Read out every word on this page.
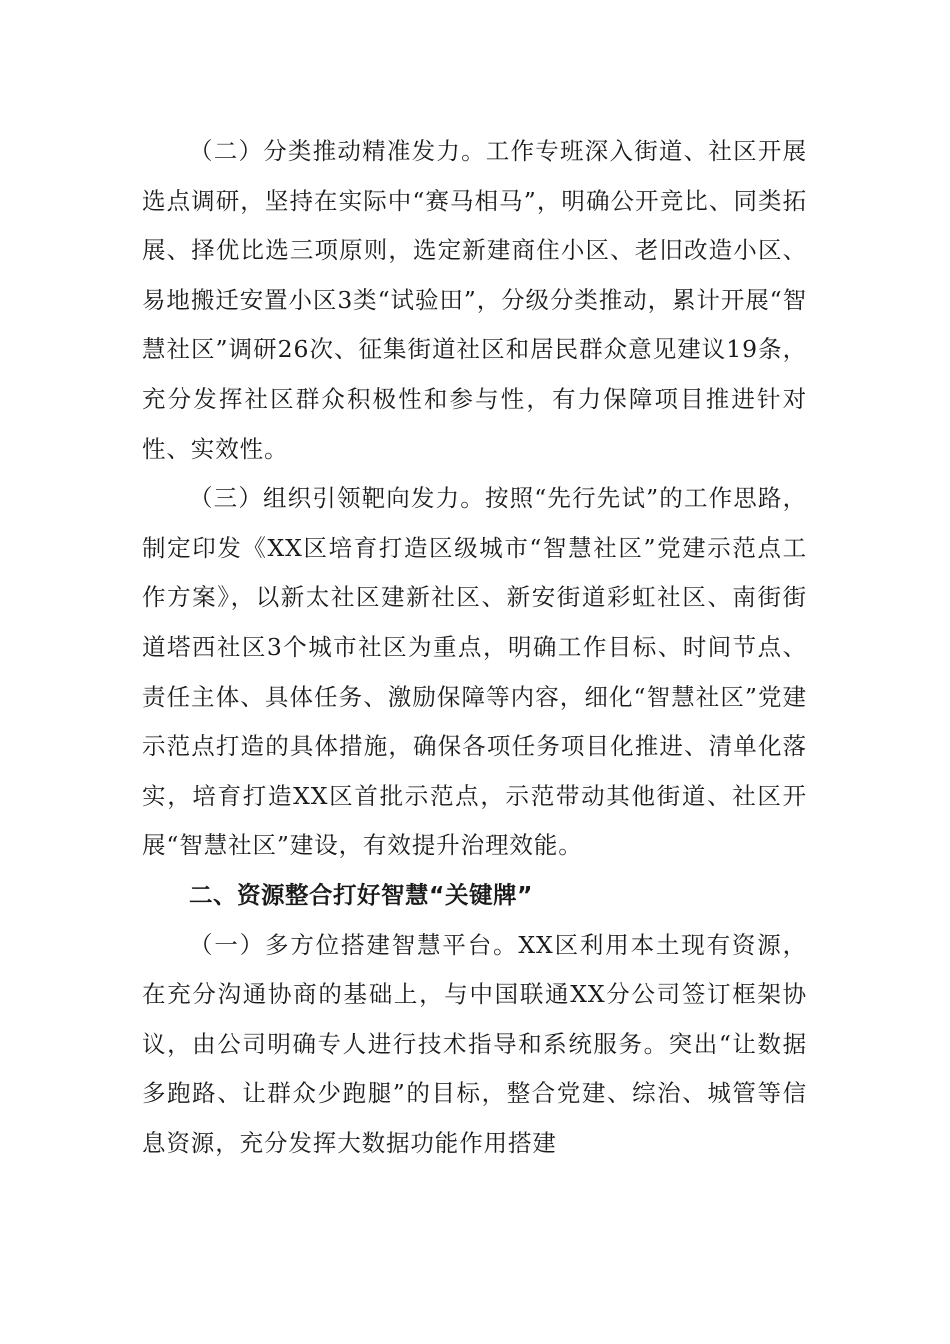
（二）分类推动精准发力。工作专班深入街道、社区开展选点调研，坚持在实际中“赛马相马”，明确公开竞比、同类拓展、择优比选三项原则，选定新建商住小区、老旧改造小区、易地搬迁安置小区3类“试验田”，分级分类推动，累计开展“智慧社区”调研26次、征集街道社区和居民群众意见建议19条，充分发挥社区群众积极性和参与性，有力保障项目推进针对性、实效性。

（三）组织引领靶向发力。按照“先行先试”的工作思路，制定印发《XX区培育打造区级城市“智慧社区”党建示范点工作方案》，以新太社区建新社区、新安街道彩虹社区、南街街道塔西社区3个城市社区为重点，明确工作目标、时间节点、责任主体、具体任务、激励保障等内容，细化“智慧社区”党建示范点打造的具体措施，确保各项任务项目化推进、清单化落实，培育打造XX区首批示范点，示范带动其他街道、社区开展“智慧社区”建设，有效提升治理效能。

二、资源整合打好智慧“关键牌”

（一）多方位搭建智慧平台。XX区利用本土现有资源，在充分沟通协商的基础上，与中国联通XX分公司签订框架协议，由公司明确专人进行技术指导和系统服务。突出“让数据多跑路、让群众少跑腿”的目标，整合党建、综治、城管等信息资源，充分发挥大数据功能作用搭建
